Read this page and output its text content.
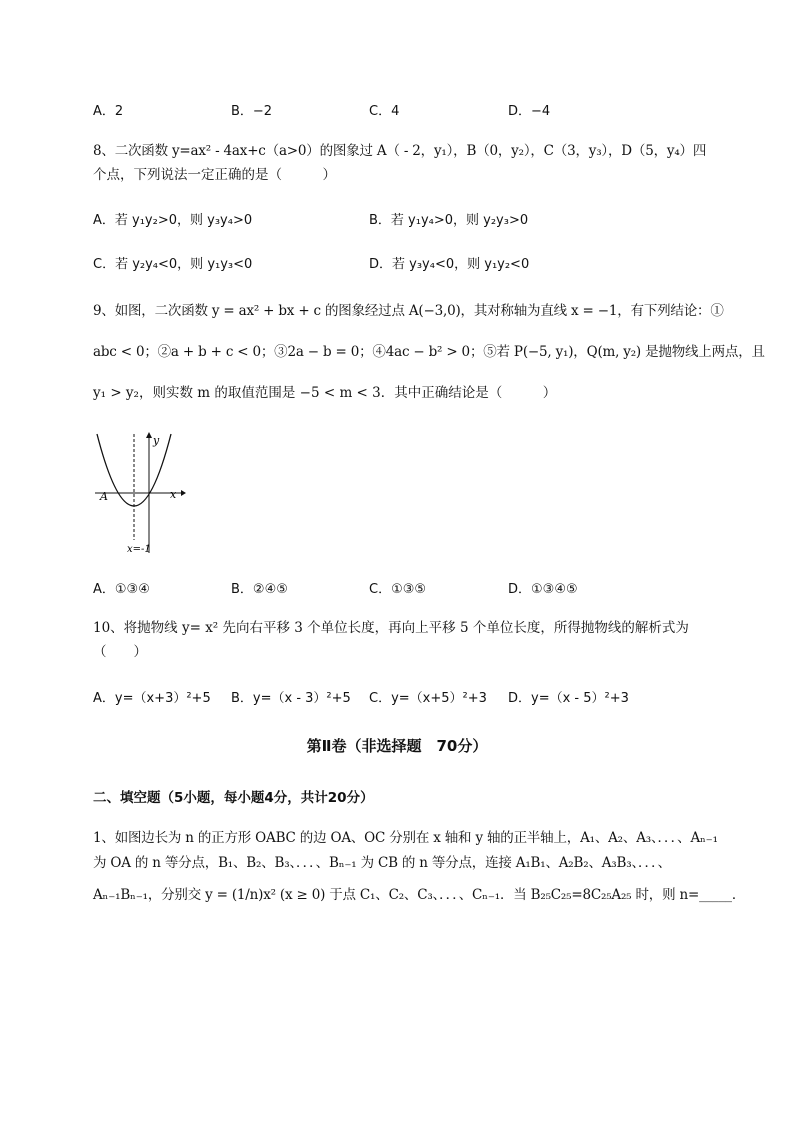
A．2	B．−2	C．4	D．−4
8、二次函数 y=ax² - 4ax+c（a>0）的图象过 A（ - 2，y₁），B（0，y₂），C（3，y₃），D（5，y₄）四
个点，下列说法一定正确的是（　　　）
A．若 y₁y₂>0，则 y₃y₄>0	B．若 y₁y₄>0，则 y₂y₃>0
C．若 y₂y₄<0，则 y₁y₃<0	D．若 y₃y₄<0，则 y₁y₂<0
9、如图，二次函数 y = ax² + bx + c 的图象经过点 A(−3,0)，其对称轴为直线 x = −1，有下列结论：①
abc < 0；②a + b + c < 0；③2a − b = 0；④4ac − b² > 0；⑤若 P(−5, y₁)，Q(m, y₂) 是抛物线上两点，且
y₁ > y₂，则实数 m 的取值范围是 −5 < m < 3．其中正确结论是（　　　）
y
x
A
x=-1
A．①③④	B．②④⑤	C．①③⑤	D．①③④⑤
10、将抛物线 y= x² 先向右平移 3 个单位长度，再向上平移 5 个单位长度，所得抛物线的解析式为
（　　）
A．y=（x+3）²+5 B．y=（x - 3）²+5 C．y=（x+5）²+3 D．y=（x - 5）²+3
第Ⅱ卷（非选择题　70分）
二、填空题（5小题，每小题4分，共计20分）
1、如图边长为 n 的正方形 OABC 的边 OA、OC 分别在 x 轴和 y 轴的正半轴上，A₁、A₂、A₃、．．．、Aₙ₋₁
为 OA 的 n 等分点，B₁、B₂、B₃、．．．、Bₙ₋₁ 为 CB 的 n 等分点，连接 A₁B₁、A₂B₂、A₃B₃、．．．、
Aₙ₋₁Bₙ₋₁，分别交 y = (1/n)x² (x ≥ 0) 于点 C₁、C₂、C₃、．．．、Cₙ₋₁．当 B₂₅C₂₅=8C₂₅A₂₅ 时，则 n=_____．
